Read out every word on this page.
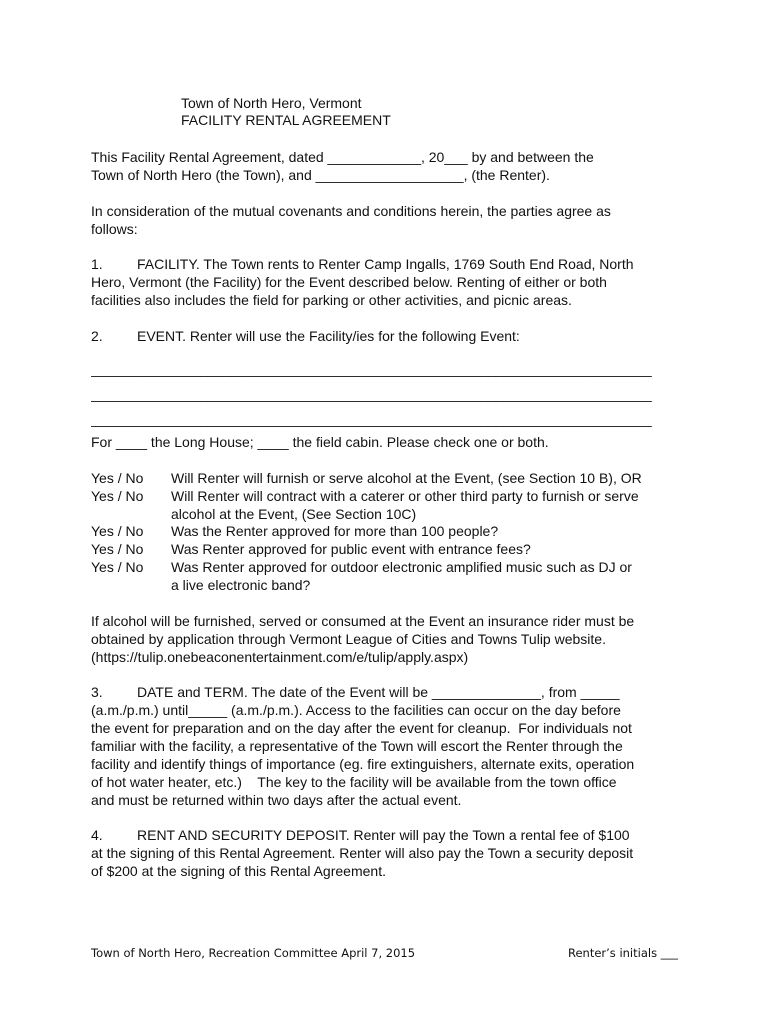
Town of North Hero, Vermont
FACILITY RENTAL AGREEMENT
This Facility Rental Agreement, dated ____________, 20___ by and between the
Town of North Hero (the Town), and ___________________, (the Renter).
In consideration of the mutual covenants and conditions herein, the parties agree as
follows:
1. FACILITY. The Town rents to Renter Camp Ingalls, 1769 South End Road, North
Hero, Vermont (the Facility) for the Event described below. Renting of either or both
facilities also includes the field for parking or other activities, and picnic areas.
2. EVENT. Renter will use the Facility/ies for the following Event:
________________________________________________________________________
________________________________________________________________________
________________________________________________________________________
For ____ the Long House; ____ the field cabin. Please check one or both.
Yes / No Will Renter will furnish or serve alcohol at the Event, (see Section 10 B), OR
Yes / No Will Renter will contract with a caterer or other third party to furnish or serve
alcohol at the Event, (See Section 10C)
Yes / No Was the Renter approved for more than 100 people?
Yes / No Was Renter approved for public event with entrance fees?
Yes / No Was Renter approved for outdoor electronic amplified music such as DJ or
a live electronic band?
If alcohol will be furnished, served or consumed at the Event an insurance rider must be
obtained by application through Vermont League of Cities and Towns Tulip website.
(https://tulip.onebeaconentertainment.com/e/tulip/apply.aspx)
3. DATE and TERM. The date of the Event will be ______________, from _____
(a.m./p.m.) until_____ (a.m./p.m.). Access to the facilities can occur on the day before
the event for preparation and on the day after the event for cleanup.  For individuals not
familiar with the facility, a representative of the Town will escort the Renter through the
facility and identify things of importance (eg. fire extinguishers, alternate exits, operation
of hot water heater, etc.)    The key to the facility will be available from the town office
and must be returned within two days after the actual event.
4. RENT AND SECURITY DEPOSIT. Renter will pay the Town a rental fee of $100
at the signing of this Rental Agreement. Renter will also pay the Town a security deposit
of $200 at the signing of this Rental Agreement.
Town of North Hero, Recreation Committee April 7, 2015	Renter’s initials ___
